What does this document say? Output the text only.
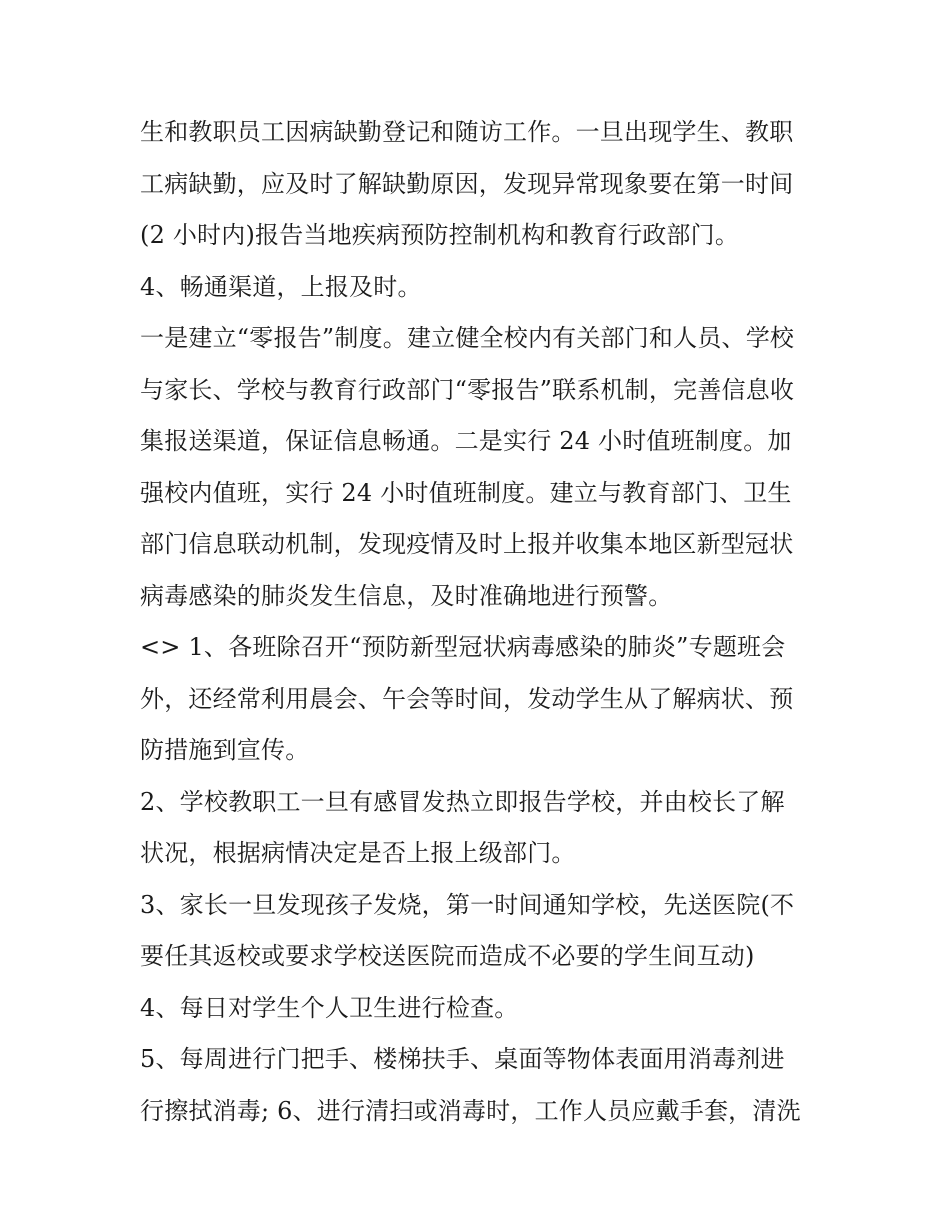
生和教职员工因病缺勤登记和随访工作。一旦出现学生、教职
工病缺勤，应及时了解缺勤原因，发现异常现象要在第一时间
(2 小时内)报告当地疾病预防控制机构和教育行政部门。
4、畅通渠道，上报及时。
一是建立“零报告”制度。建立健全校内有关部门和人员、学校
与家长、学校与教育行政部门“零报告”联系机制，完善信息收
集报送渠道，保证信息畅通。二是实行 24 小时值班制度。加
强校内值班，实行 24 小时值班制度。建立与教育部门、卫生
部门信息联动机制，发现疫情及时上报并收集本地区新型冠状
病毒感染的肺炎发生信息，及时准确地进行预警。
<> 1、各班除召开“预防新型冠状病毒感染的肺炎”专题班会
外，还经常利用晨会、午会等时间，发动学生从了解病状、预
防措施到宣传。
2、学校教职工一旦有感冒发热立即报告学校，并由校长了解
状况，根据病情决定是否上报上级部门。
3、家长一旦发现孩子发烧，第一时间通知学校，先送医院(不
要任其返校或要求学校送医院而造成不必要的学生间互动)
4、每日对学生个人卫生进行检查。
5、每周进行门把手、楼梯扶手、桌面等物体表面用消毒剂进
行擦拭消毒; 6、进行清扫或消毒时，工作人员应戴手套，清洗
